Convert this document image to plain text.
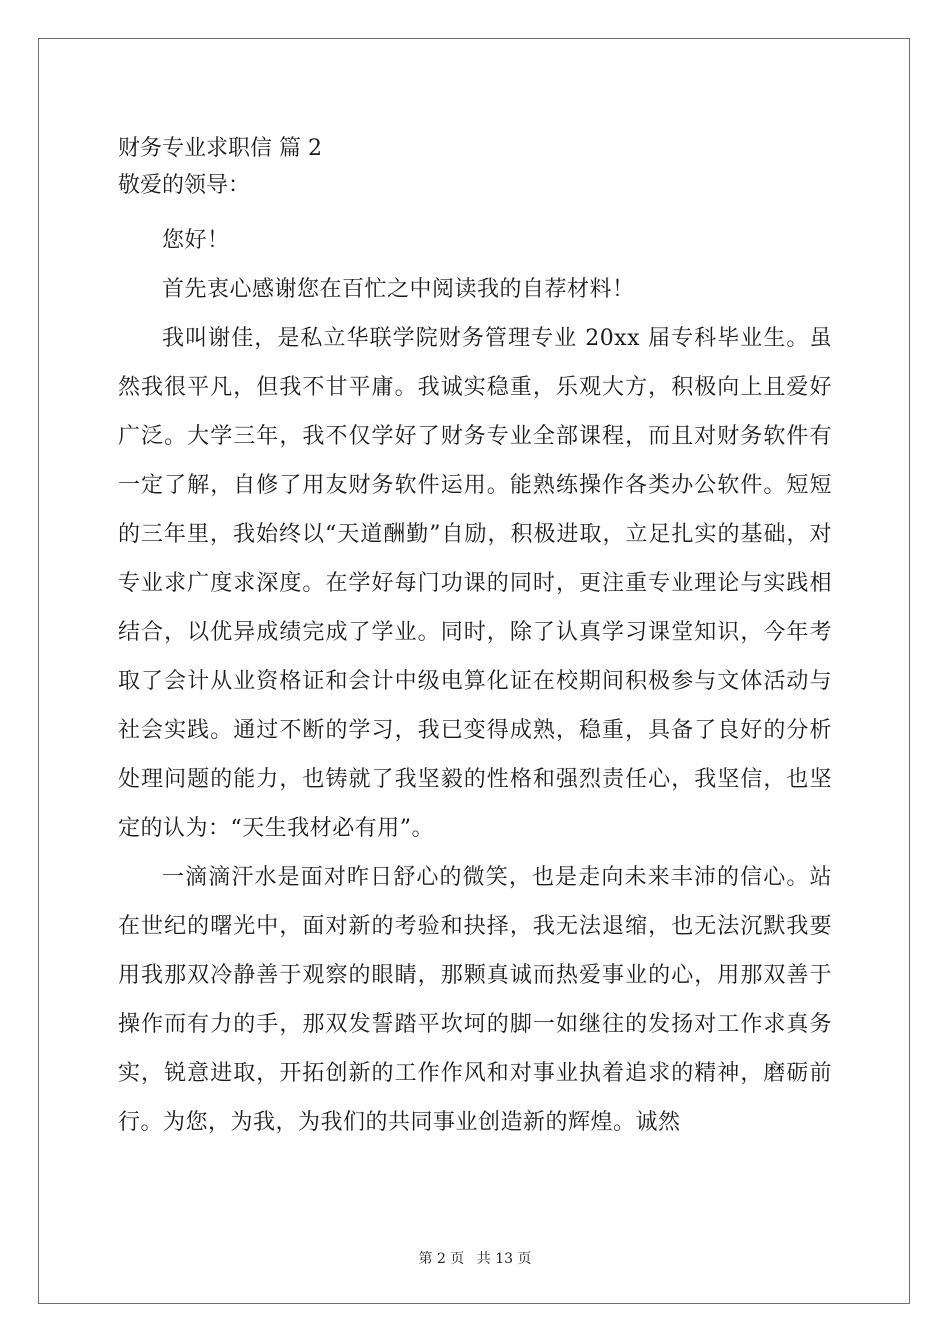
财务专业求职信 篇 2
敬爱的领导：

您好！

首先衷心感谢您在百忙之中阅读我的自荐材料！

我叫谢佳，是私立华联学院财务管理专业 20xx 届专科毕业生。虽然我很平凡，但我不甘平庸。我诚实稳重，乐观大方，积极向上且爱好广泛。大学三年，我不仅学好了财务专业全部课程，而且对财务软件有一定了解，自修了用友财务软件运用。能熟练操作各类办公软件。短短的三年里，我始终以“天道酬勤”自励，积极进取，立足扎实的基础，对专业求广度求深度。在学好每门功课的同时，更注重专业理论与实践相结合，以优异成绩完成了学业。同时，除了认真学习课堂知识，今年考取了会计从业资格证和会计中级电算化证在校期间积极参与文体活动与社会实践。通过不断的学习，我已变得成熟，稳重，具备了良好的分析处理问题的能力，也铸就了我坚毅的性格和强烈责任心，我坚信，也坚定的认为：“天生我材必有用”。

一滴滴汗水是面对昨日舒心的微笑，也是走向未来丰沛的信心。站在世纪的曙光中，面对新的考验和抉择，我无法退缩，也无法沉默我要用我那双冷静善于观察的眼睛，那颗真诚而热爱事业的心，用那双善于操作而有力的手，那双发誓踏平坎坷的脚一如继往的发扬对工作求真务实，锐意进取，开拓创新的工作作风和对事业执着追求的精神，磨砺前行。为您，为我，为我们的共同事业创造新的辉煌。诚然

第 2 页 共 13 页
